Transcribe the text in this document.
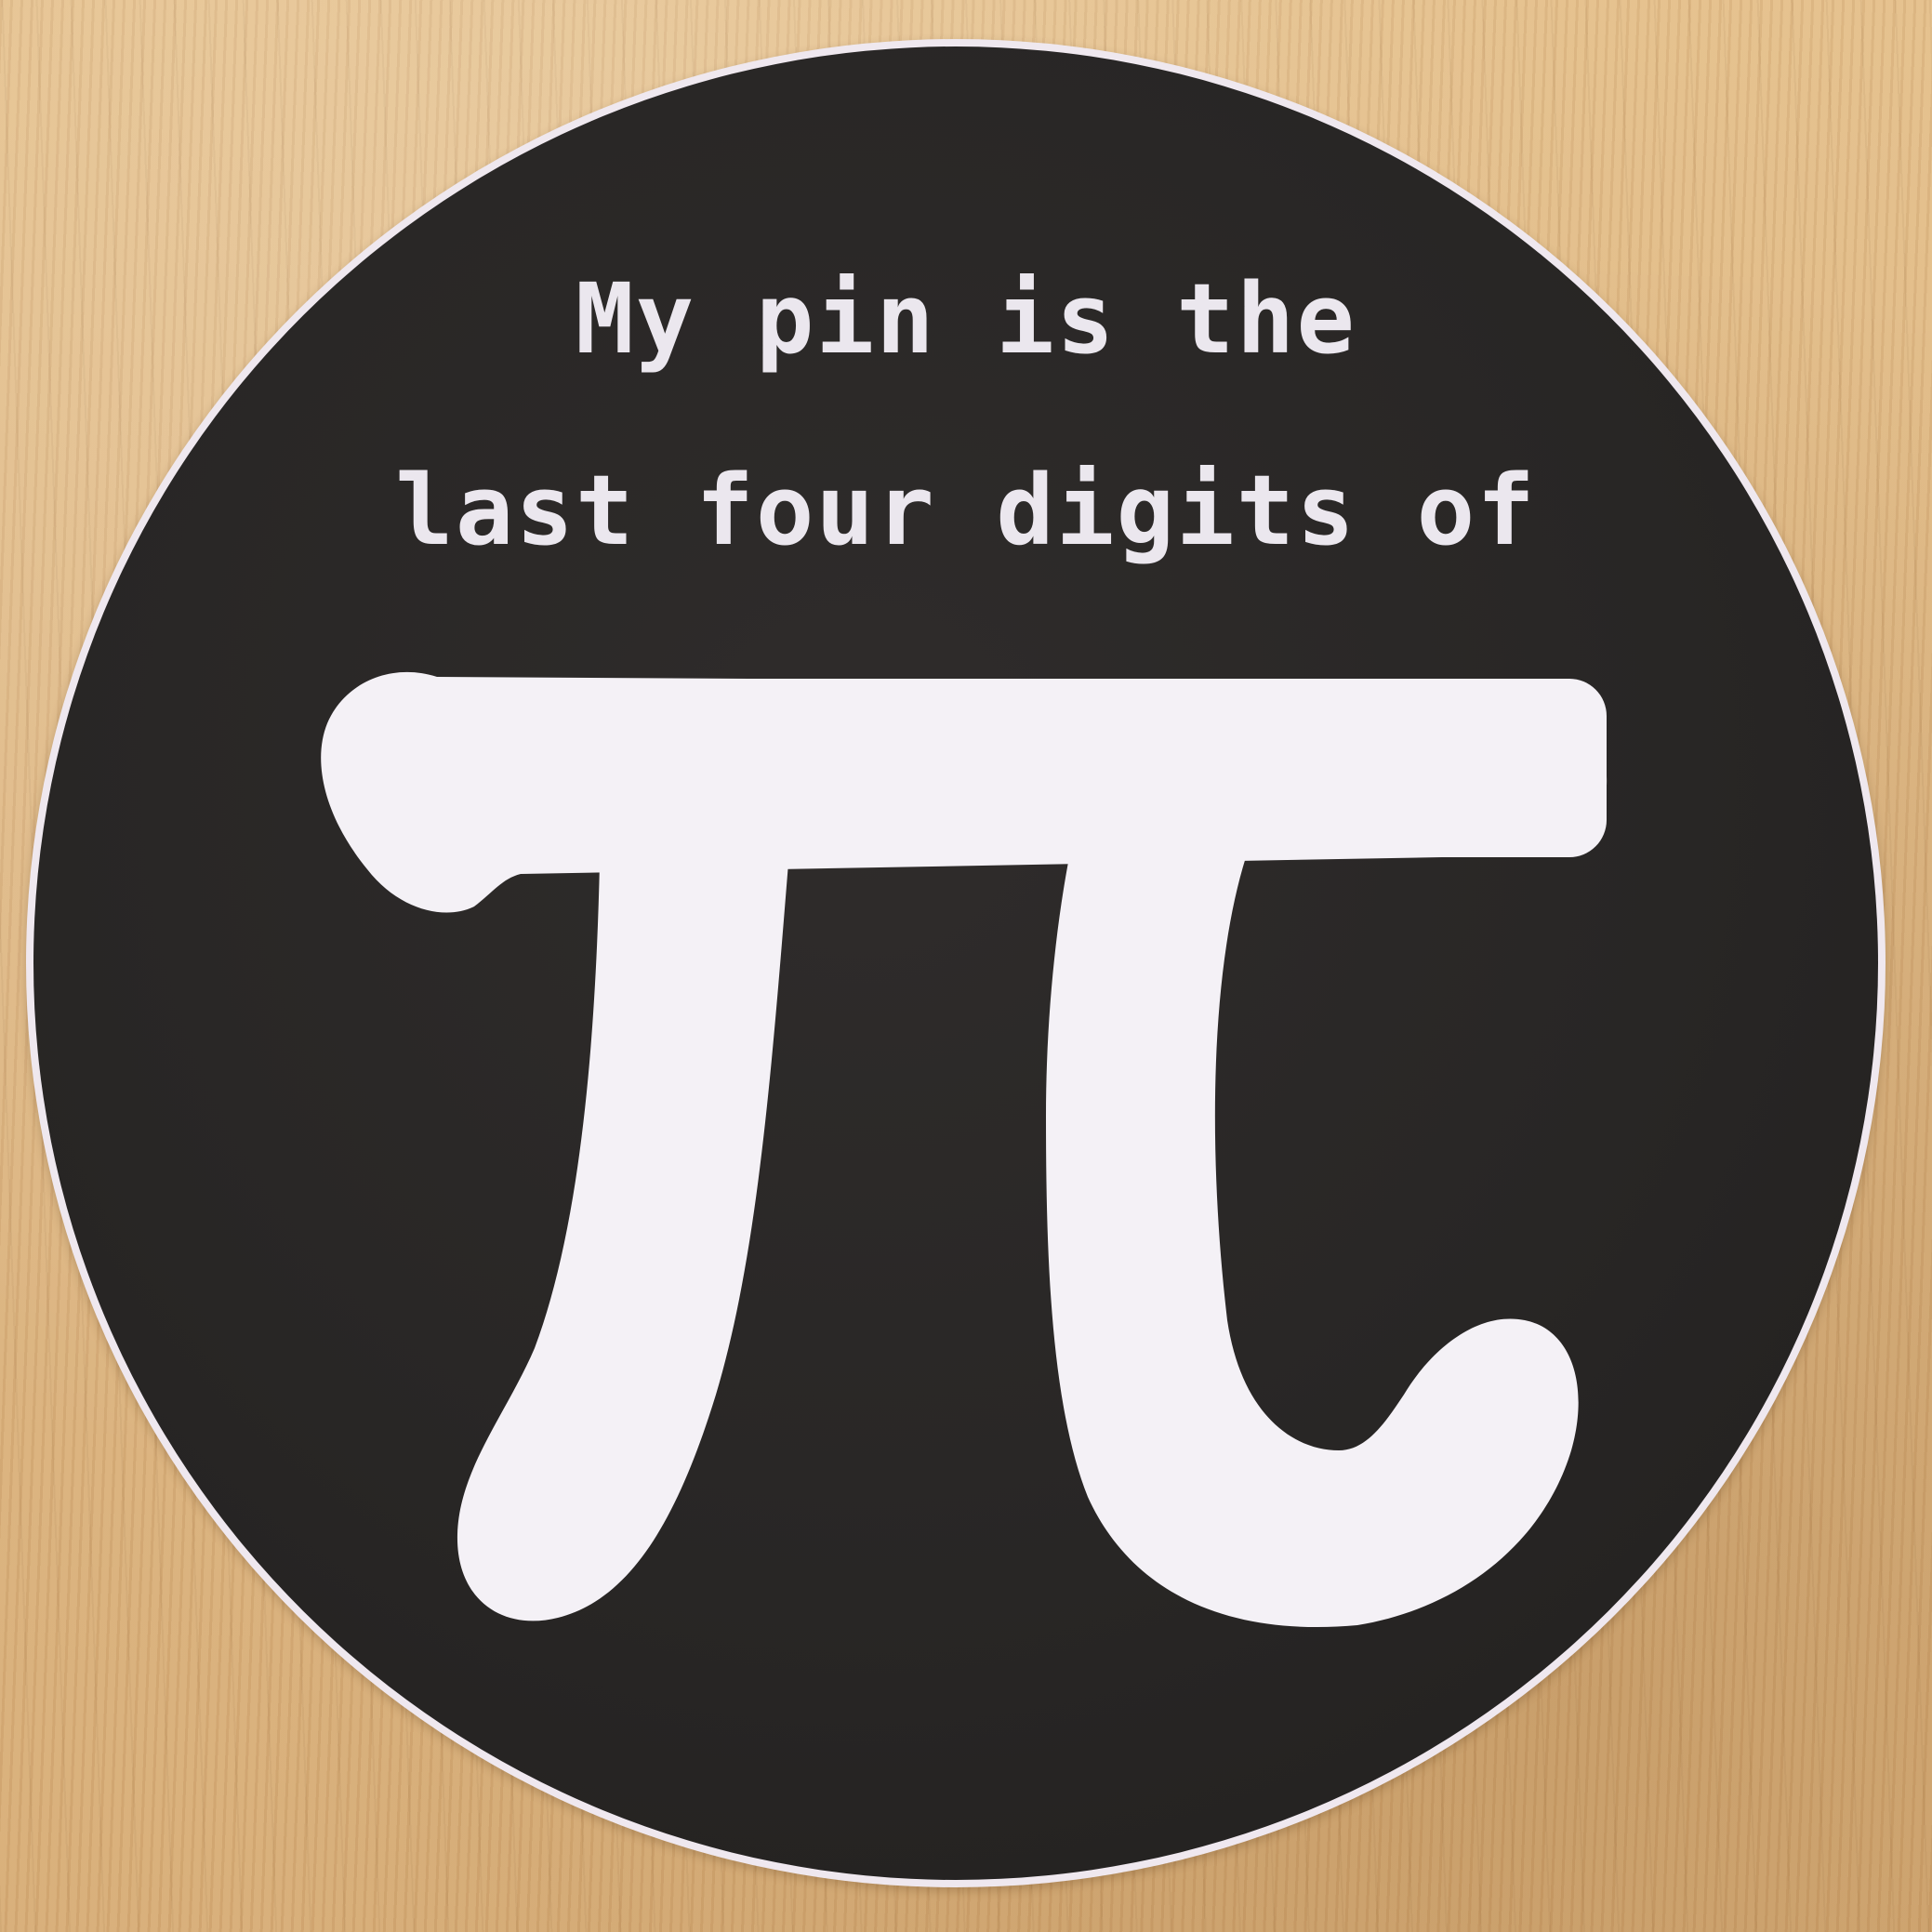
My pin is the
last four digits of
